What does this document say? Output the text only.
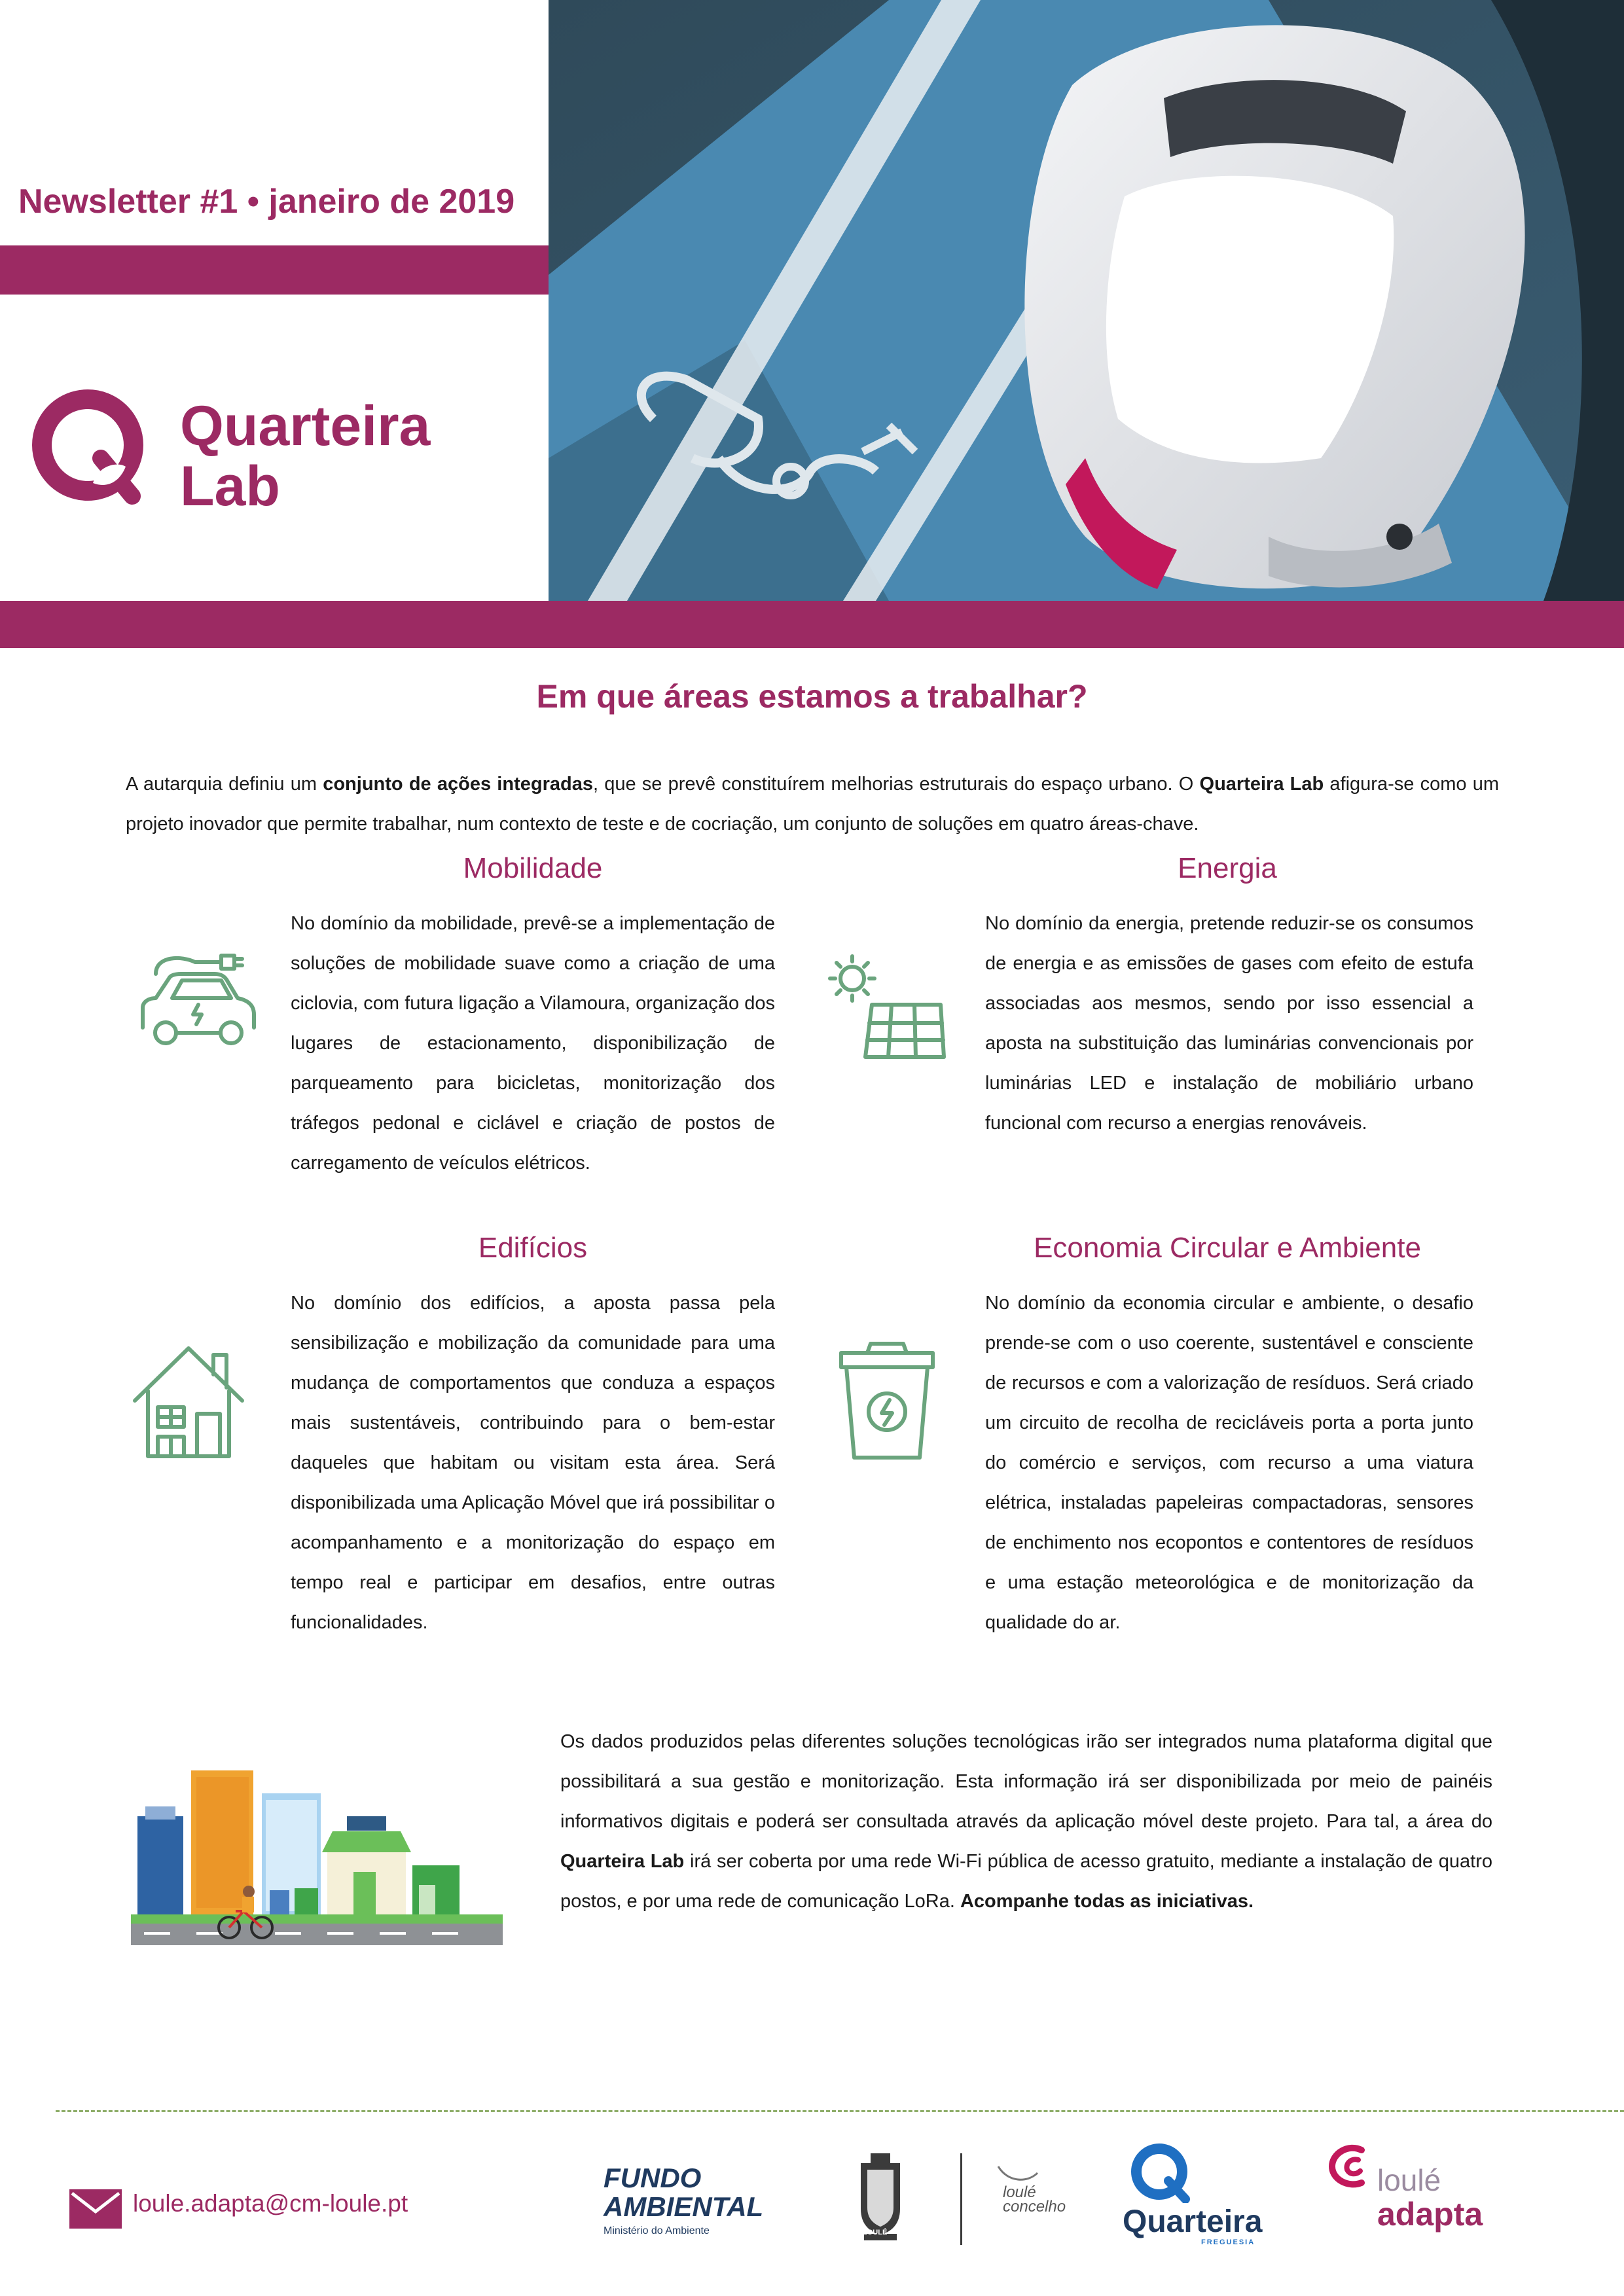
Newsletter #1 • janeiro de 2019
Quarteira
Lab
Em que áreas estamos a trabalhar?
A autarquia definiu um conjunto de ações integradas, que se prevê constituírem melhorias estruturais do espaço urbano. O Quarteira Lab afigura-se como um projeto inovador que permite trabalhar, num contexto de teste e de cocriação, um conjunto de soluções em quatro áreas-chave.
Mobilidade
No domínio da mobilidade, prevê-se a implementação de soluções de mobilidade suave como a criação de uma ciclovia, com futura ligação a Vilamoura, organização dos lugares de estacionamento, disponibilização de parqueamento para bicicletas, monitorização dos tráfegos pedonal e ciclável e criação de postos de carregamento de veículos elétricos.
Energia
No domínio da energia, pretende reduzir-se os consumos de energia e as emissões de gases com efeito de estufa associadas aos mesmos, sendo por isso essencial a aposta na substituição das luminárias convencionais por luminárias LED e instalação de mobiliário urbano funcional com recurso a energias renováveis.
Edifícios
No domínio dos edifícios, a aposta passa pela sensibilização e mobilização da comunidade para uma mudança de comportamentos que conduza a espaços mais sustentáveis, contribuindo para o bem-estar daqueles que habitam ou visitam esta área. Será disponibilizada uma Aplicação Móvel que irá possibilitar o acompanhamento e a monitorização do espaço em tempo real e participar em desafios, entre outras funcionalidades.
Economia Circular e Ambiente
No domínio da economia circular e ambiente, o desafio prende-se com o uso coerente, sustentável e consciente de recursos e com a valorização de resíduos. Será criado um circuito de recolha de recicláveis porta a porta junto do comércio e serviços, com recurso a uma viatura elétrica, instaladas papeleiras compactadoras, sensores de enchimento nos ecopontos e contentores de resíduos e uma estação meteorológica e de monitorização da qualidade do ar.
Os dados produzidos pelas diferentes soluções tecnológicas irão ser integrados numa plataforma digital que possibilitará a sua gestão e monitorização. Esta informação irá ser disponibilizada por meio de painéis informativos digitais e poderá ser consultada através da aplicação móvel deste projeto. Para tal, a área do Quarteira Lab irá ser coberta por uma rede Wi-Fi pública de acesso gratuito, mediante a instalação de quatro postos, e por uma rede de comunicação LoRa. Acompanhe todas as iniciativas.
loule.adapta@cm-loule.pt
FUNDO
AMBIENTAL
Ministério do Ambiente	LOULÉ
loulé
concelho Quarteira
FREGUESIA
loulé
adapta
